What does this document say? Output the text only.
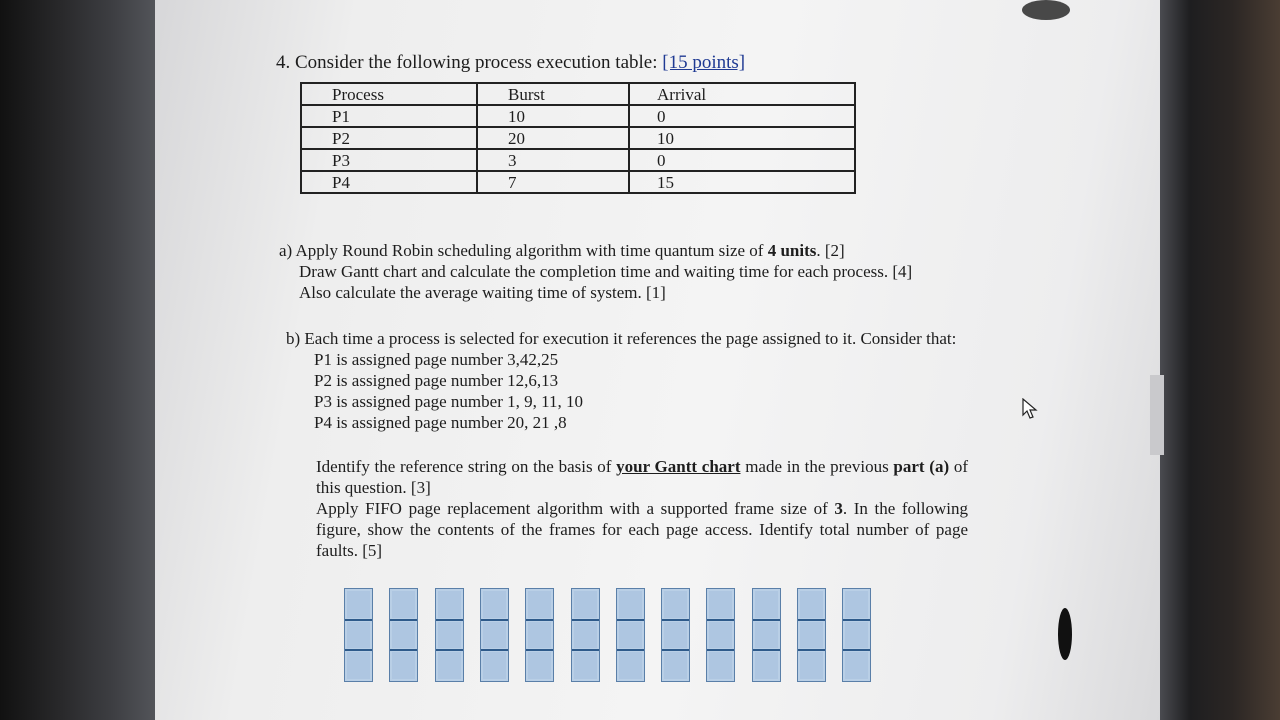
4. Consider the following process execution table: [15 points]
Process	Burst	Arrival
P1	10	0
P2	20	10
P3	3	0
P4	7	15
a) Apply Round Robin scheduling algorithm with time quantum size of 4 units. [2]
Draw Gantt chart and calculate the completion time and waiting time for each process. [4]
Also calculate the average waiting time of system. [1]
b) Each time a process is selected for execution it references the page assigned to it. Consider that:
P1 is assigned page number 3,42,25
P2 is assigned page number 12,6,13
P3 is assigned page number 1, 9, 11, 10
P4 is assigned page number 20, 21 ,8
Identify the reference string on the basis of your Gantt chart made in the previous part (a) of this question. [3]
Apply FIFO page replacement algorithm with a supported frame size of 3. In the following figure, show the contents of the frames for each page access. Identify total number of page faults. [5]
